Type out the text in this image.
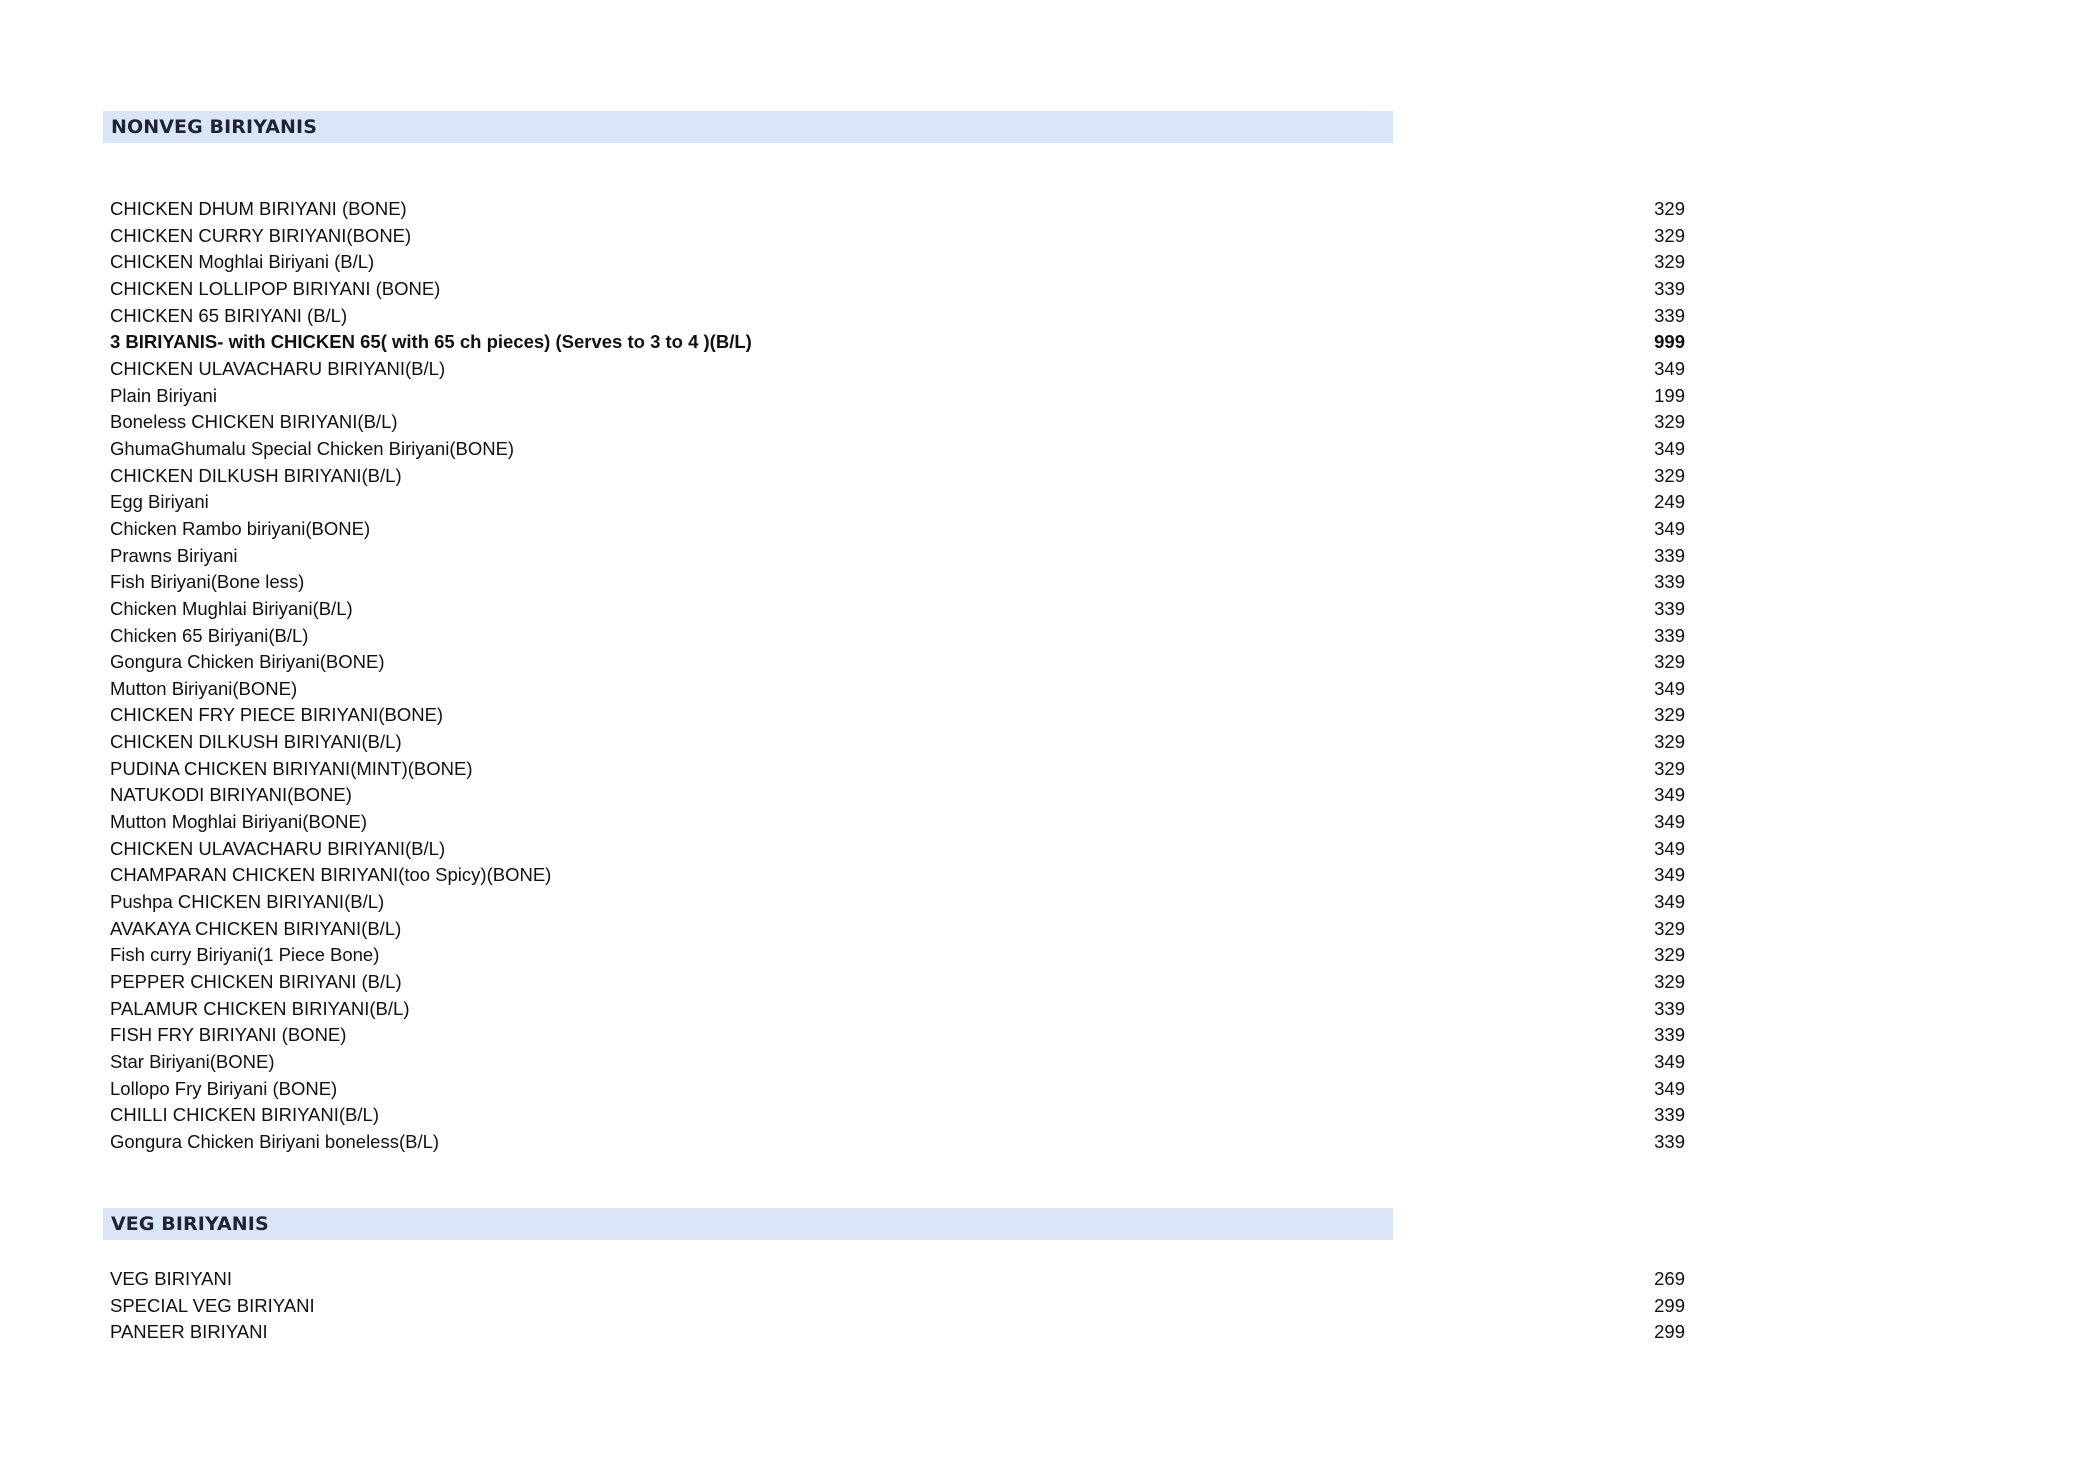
NONVEG BIRIYANIS
CHICKEN DHUM BIRIYANI (BONE)	329
CHICKEN CURRY BIRIYANI(BONE)	329
CHICKEN Moghlai Biriyani (B/L)	329
CHICKEN LOLLIPOP BIRIYANI (BONE)	339
CHICKEN 65 BIRIYANI (B/L)	339
3 BIRIYANIS- with CHICKEN 65( with 65 ch pieces) (Serves to 3 to 4 )(B/L)	999
CHICKEN ULAVACHARU BIRIYANI(B/L)	349
Plain Biriyani	199
Boneless CHICKEN BIRIYANI(B/L)	329
GhumaGhumalu Special Chicken Biriyani(BONE)	349
CHICKEN DILKUSH BIRIYANI(B/L)	329
Egg Biriyani	249
Chicken Rambo biriyani(BONE)	349
Prawns Biriyani	339
Fish Biriyani(Bone less)	339
Chicken Mughlai Biriyani(B/L)	339
Chicken 65 Biriyani(B/L)	339
Gongura Chicken Biriyani(BONE)	329
Mutton Biriyani(BONE)	349
CHICKEN FRY PIECE BIRIYANI(BONE)	329
CHICKEN DILKUSH BIRIYANI(B/L)	329
PUDINA CHICKEN BIRIYANI(MINT)(BONE)	329
NATUKODI BIRIYANI(BONE)	349
Mutton Moghlai Biriyani(BONE)	349
CHICKEN ULAVACHARU BIRIYANI(B/L)	349
CHAMPARAN CHICKEN BIRIYANI(too Spicy)(BONE)	349
Pushpa CHICKEN BIRIYANI(B/L)	349
AVAKAYA CHICKEN BIRIYANI(B/L)	329
Fish curry Biriyani(1 Piece Bone)	329
PEPPER CHICKEN BIRIYANI (B/L)	329
PALAMUR CHICKEN BIRIYANI(B/L)	339
FISH FRY BIRIYANI (BONE)	339
Star Biriyani(BONE)	349
Lollopo Fry Biriyani (BONE)	349
CHILLI CHICKEN BIRIYANI(B/L)	339
Gongura Chicken Biriyani boneless(B/L)	339
VEG BIRIYANIS
VEG BIRIYANI	269
SPECIAL VEG BIRIYANI	299
PANEER BIRIYANI	299
